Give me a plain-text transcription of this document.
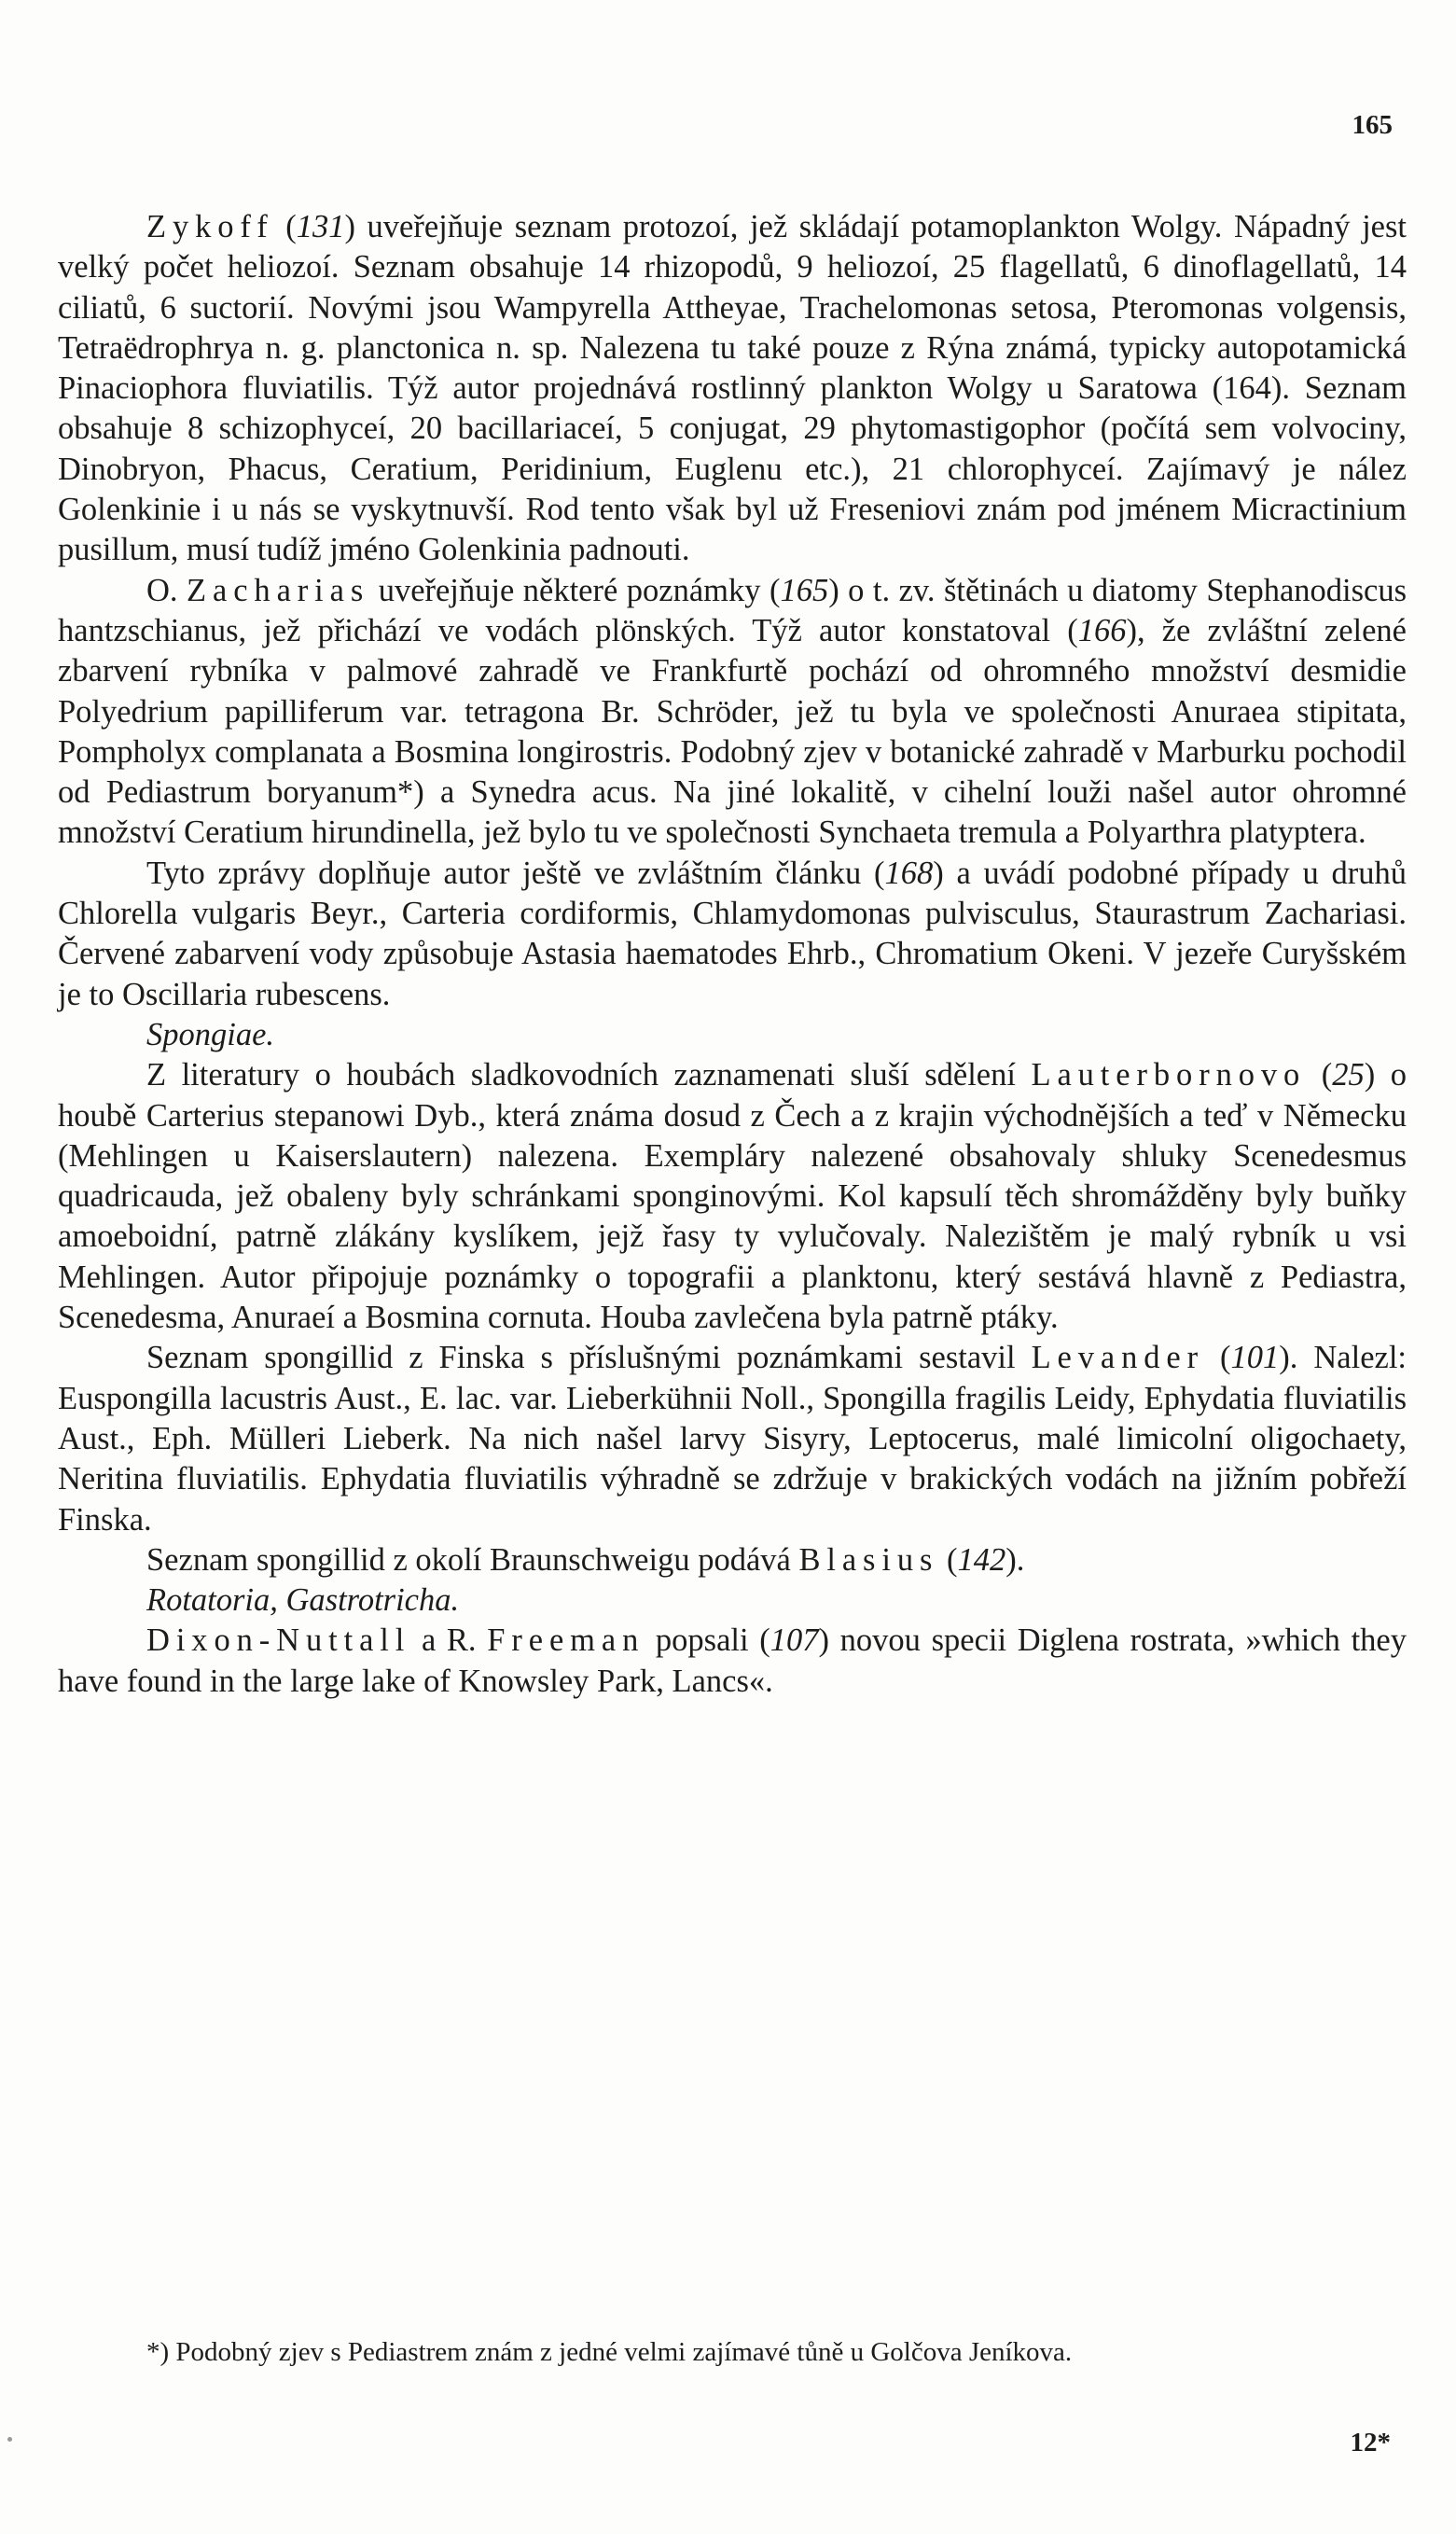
165

Zykoff (131) uveřejňuje seznam protozoí, jež skládají potamoplankton Wolgy. Nápadný jest velký počet heliozoí. Seznam obsahuje 14 rhizopodů, 9 heliozoí, 25 flagellatů, 6 dinoflagellatů, 14 ciliatů, 6 suctorií. Novými jsou Wampyrella Attheyae, Trachelomonas setosa, Pteromonas volgensis, Tetraëdrophrya n. g. planctonica n. sp. Nalezena tu také pouze z Rýna známá, typicky autopotamická Pinaciophora fluviatilis. Týž autor projednává rostlinný plankton Wolgy u Saratowa (164). Seznam obsahuje 8 schizophyceí, 20 bacillariaceí, 5 conjugat, 29 phytomastigophor (počítá sem volvociny, Dinobryon, Phacus, Ceratium, Peridinium, Euglenu etc.), 21 chlorophyceí. Zajímavý je nález Golenkinie i u nás se vyskytnuvší. Rod tento však byl už Freseniovi znám pod jménem Micractinium pusillum, musí tudíž jméno Golenkinia padnouti.

O. Zacharias uveřejňuje některé poznámky (165) o t. zv. štětinách u diatomy Stephanodiscus hantzschianus, jež přichází ve vodách plönských. Týž autor konstatoval (166), že zvláštní zelené zbarvení rybníka v palmové zahradě ve Frankfurtě pochází od ohromného množství desmidie Polyedrium papilliferum var. tetragona Br. Schröder, jež tu byla ve společnosti Anuraea stipitata, Pompholyx complanata a Bosmina longirostris. Podobný zjev v botanické zahradě v Marburku pochodil od Pediastrum boryanum*) a Synedra acus. Na jiné lokalitě, v cihelní louži našel autor ohromné množství Ceratium hirundinella, jež bylo tu ve společnosti Synchaeta tremula a Polyarthra platyptera.

Tyto zprávy doplňuje autor ještě ve zvláštním článku (168) a uvádí podobné případy u druhů Chlorella vulgaris Beyr., Carteria cordiformis, Chlamydomonas pulvisculus, Staurastrum Zachariasi. Červené zabarvení vody způsobuje Astasia haematodes Ehrb., Chromatium Okeni. V jezeře Curyšském je to Oscillaria rubescens.

Spongiae.

Z literatury o houbách sladkovodních zaznamenati sluší sdělení Lauterbornovo (25) o houbě Carterius stepanowi Dyb., která známa dosud z Čech a z krajin východnějších a teď v Německu (Mehlingen u Kaiserslautern) nalezena. Exempláry nalezené obsahovaly shluky Scenedesmus quadricauda, jež obaleny byly schránkami sponginovými. Kol kapsulí těch shromážděny byly buňky amoeboidní, patrně zlákány kyslíkem, jejž řasy ty vylučovaly. Nalezištěm je malý rybník u vsi Mehlingen. Autor připojuje poznámky o topografii a planktonu, který sestává hlavně z Pediastra, Scenedesma, Anuraeí a Bosmina cornuta. Houba zavlečena byla patrně ptáky.

Seznam spongillid z Finska s příslušnými poznámkami sestavil Levander (101). Nalezl: Euspongilla lacustris Aust., E. lac. var. Lieberkühnii Noll., Spongilla fragilis Leidy, Ephydatia fluviatilis Aust., Eph. Mülleri Lieberk. Na nich našel larvy Sisyry, Leptocerus, malé limicolní oligochaety, Neritina fluviatilis. Ephydatia fluviatilis výhradně se zdržuje v brakických vodách na jižním pobřeží Finska.

Seznam spongillid z okolí Braunschweigu podává Blasius (142).

Rotatoria, Gastrotricha.

Dixon-Nuttall a R. Freeman popsali (107) novou specii Diglena rostrata, »which they have found in the large lake of Knowsley Park, Lancs«.

*) Podobný zjev s Pediastrem znám z jedné velmi zajímavé tůně u Golčova Jeníkova.

12*
